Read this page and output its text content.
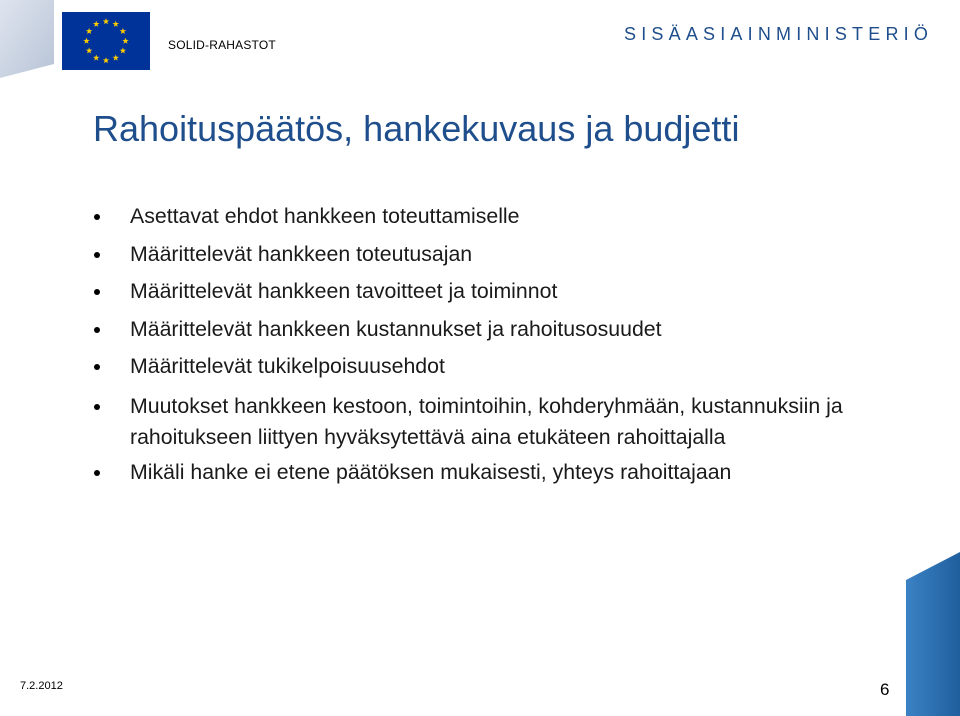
SOLID-RAHASTOT
SISÄASIAINMINISTERIÖ
Rahoituspäätös, hankekuvaus ja budjetti
Asettavat ehdot hankkeen toteuttamiselle
Määrittelevät hankkeen toteutusajan
Määrittelevät hankkeen tavoitteet ja toiminnot
Määrittelevät hankkeen kustannukset ja rahoitusosuudet
Määrittelevät tukikelpoisuusehdot
Muutokset hankkeen kestoon, toimintoihin, kohderyhmään, kustannuksiin ja rahoitukseen liittyen hyväksytettävä aina etukäteen rahoittajalla
Mikäli hanke ei etene päätöksen mukaisesti, yhteys rahoittajaan
7.2.2012	6
